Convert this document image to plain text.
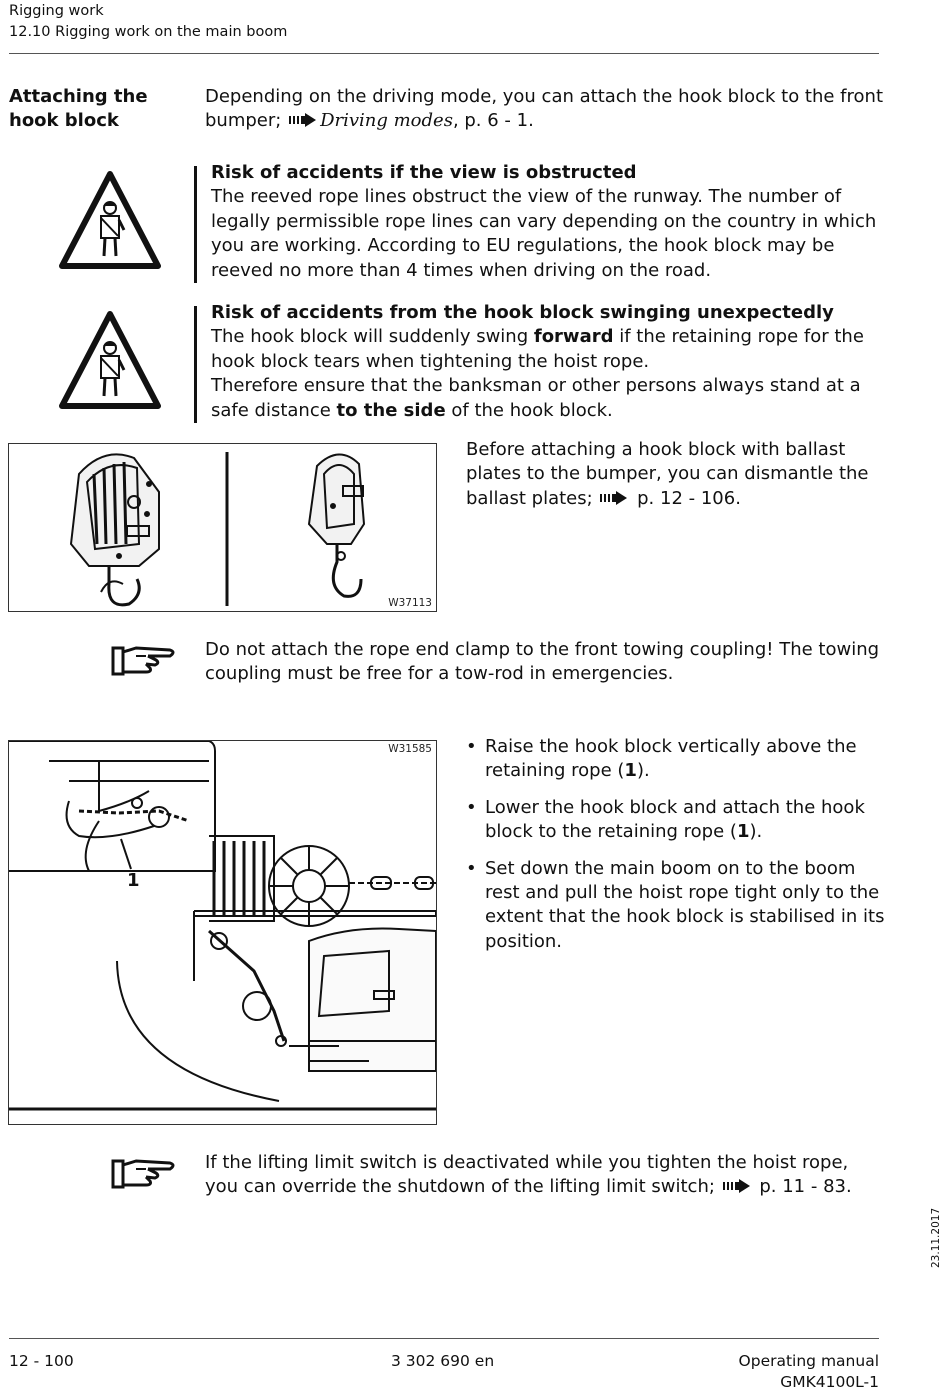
Rigging work
12.10 Rigging work on the main boom
Attaching the
hook block
Depending on the driving mode, you can attach the hook block to the front
bumper; Driving modes, p. 6 - 1.
Risk of accidents if the view is obstructed
The reeved rope lines obstruct the view of the runway. The number of
legally permissible rope lines can vary depending on the country in which
you are working. According to EU regulations, the hook block may be
reeved no more than 4 times when driving on the road.
Risk of accidents from the hook block swinging unexpectedly
The hook block will suddenly swing forward if the retaining rope for the
hook block tears when tightening the hoist rope.
Therefore ensure that the banksman or other persons always stand at a
safe distance to the side of the hook block.
W37113
Before attaching a hook block with ballast
plates to the bumper, you can dismantle the
ballast plates;  p. 12 - 106.
Do not attach the rope end clamp to the front towing coupling! The towing
coupling must be free for a tow-rod in emergencies.
1
W31585
•	Raise the hook block vertically above the
retaining rope (1).
• Lower the hook block and attach the hook
block to the retaining rope (1).
• Set down the main boom on to the boom
rest and pull the hoist rope tight only to the
extent that the hook block is stabilised in its
position.
If the lifting limit switch is deactivated while you tighten the hoist rope,
you can override the shutdown of the lifting limit switch;  p. 11 - 83.
23.11.2017
12 - 100	3 302 690 en	Operating manual
GMK4100L-1
